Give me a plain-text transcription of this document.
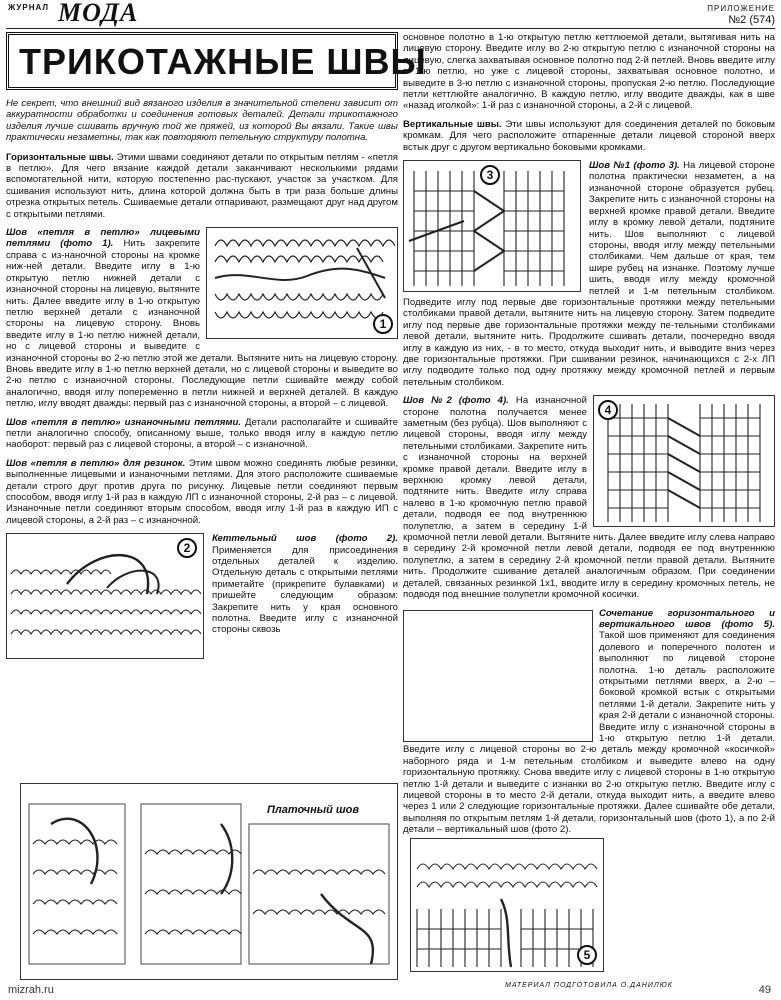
ЖУРНАЛ МОДА	ПРИЛОЖЕНИЕ
№2 (574)
ТРИКОТАЖНЫЕ ШВЫ

Не секрет, что внешний вид вязаного изделия в значительной степени зависит от аккуратности обработки и соединения готовых деталей. Детали трикотажного изделия лучше сшивать вручную той же пряжей, из которой Вы вязали. Такие швы практически незаметны, так как повторяют петельную структуру полотна.

Горизонтальные швы. Этими швами соединяют детали по открытым петлям - «петля в петлю». Для чего вязание каждой детали заканчивают несколькими рядами вспомогательной нити, которую постепенно рас-пускают, участок за участком. Для сшивания используют нить, длина которой должна быть в три раза больше длины отрезка открытых петель. Сшиваемые детали отпаривают, размещают друг над другом с открытыми петлями.

1
Шов «петля в петлю» лицевыми петлями (фото 1). Нить закрепите справа с из-наночной стороны на кромке ниж-ней детали. Введите иглу в 1-ю открытую петлю нижней детали с изнаночной стороны на лицевую, вытяните нить. Далее введите иглу в 1-ю открытую петлю верхней детали с изнаночной стороны на лицевую сторону. Вновь введите иглу в 1-ю петлю нижней детали, но с лицевой стороны и выведите с изнаночной стороны во 2-ю петлю этой же детали. Вытяните нить на лицевую сторону. Вновь введите иглу в 1-ю петлю верхней детали, но с лицевой стороны и выведите во 2-ю петлю с изнаночной стороны. Последующие петли сшивайте между собой аналогично, вводя иглу попеременно в петли нижней и верхней деталей. В каждую петлю, иглу вводят дважды: первый раз с изнаночной стороны, а второй – с лицевой.

Шов «петля в петлю» изнаночными петлями. Детали располагайте и сшивайте петли аналогично способу, описанному выше, только вводя иглу в каждую петлю наоборот: первый раз с лицевой стороны, а второй – с изнаночной.

Шов «петля в петлю» для резинок. Этим швом можно соединять любые резинки, выполненные лицевыми и изнаночными петлями. Для этого расположите сшиваемые детали строго друг против друга по рисунку. Лицевые петли соединяют первым способом, вводя иглу 1-й раз в каждую ЛП с изнаночной стороны, 2-й раз – с лицевой. Изнаночные петли соединяют вторым способом, вводя иглу 1-й раз в каждую ИП с лицевой стороны, а 2-й раз – с изнаночной.

2
Кеттельный шов (фото 2). Применяется для присоединения отдельных деталей к изделию. Отдельную деталь с открытыми петлями приметайте (прикрепите булавками) и пришейте следующим образом: Закрепите нить у края основного полотна. Введите иглу с изнаночной стороны сквозь

Платочный шов

основное полотно в 1-ю открытую петлю кеттлюемой детали, вытягивая нить на лицевую сторону. Введите иглу во 2-ю открытую петлю с изнаночной стороны на лицевую, слегка захватывая основное полотно под 2-й петлей. Вновь введите иглу в 1-ю петлю, но уже с лицевой стороны, захватывая основное полотно, и выведите в 3-ю петлю с изнаночной стороны, пропуская 2-ю петлю. Последующие петли кеттлюйте аналогично. В каждую петлю, иглу вводите дважды, как в шве «назад иголкой»: 1-й раз с изнаночной стороны, а 2-й с лицевой.

Вертикальные швы. Эти швы используют для соединения деталей по боковым кромкам. Для чего расположите отпаренные детали лицевой стороной вверх встык друг с другом вертикально боковыми кромками.

3
Шов №1 (фото 3). На лицевой стороне полотна практически незаметен, а на изнаночной стороне образуется рубец. Закрепите нить с изнаночной стороны на верхней кромке правой детали. Введите иглу в кромку левой детали, подтяните нить. Шов выполняют с лицевой стороны, вводя иглу между петельными столбиками. Чем дальше от края, тем шире рубец на изнанке. Поэтому лучше шить, вводя иглу между кромочной петлей и 1-м петельным столбиком. Подведите иглу под первые две горизонтальные протяжки между петельными столбиками правой детали, вытяните нить на лицевую сторону. Затем подведите иглу под первые две горизонтальные протяжки между пе-тельными столбиками левой детали, вытяните нить. Продолжите сшивать детали, поочередно вводя иглу в каждую из них, - в то место, откуда выходит нить, и выводите вниз через две горизонтальные протяжки. При сшивании резинок, начинающихся с 2-х ЛП иглу подводите только под одну протяжку между кромочной петлей и первым петельным столбиком.

4
Шов №2 (фото 4). На изнаночной стороне полотна получается менее заметным (без рубца). Шов выполняют с лицевой стороны, вводя иглу между петельными столбиками. Закрепите нить с изнаночной стороны на верхней кромке правой детали. Введите иглу в верхнюю кромку левой детали, подтяните нить. Введите иглу справа налево в 1-ю кромочную петлю правой детали, подводя ее под внутреннюю полупетлю, а затем в середину 1-й кромочной петли левой детали. Вытяните нить. Далее введите иглу слева направо в середину 2-й кромочной петли левой детали, подводя ее под внутреннюю полупетлю, а затем в середину 2-й кромочной петли правой детали. Вытяните нить. Продолжите сшивание деталей аналогичным образом. При соединении деталей, связанных резинкой 1х1, вводите иглу в середину кромочных петель, не подводя под внешние полупетли кромочной косички.

Сочетание горизонтального и вертикального швов (фото 5). Такой шов применяют для соединения долевого и поперечного полотен и выполняют по лицевой стороне полотна. 1-ю деталь расположите открытыми петлями вверх, а 2-ю – боковой кромкой встык с открытыми петлями 1-й детали. Закрепите нить у края 2-й детали с изнаночной стороны. Введите иглу с изнаночной стороны в 1-ю открытую петлю 1-й детали. Введите иглу с лицевой стороны во 2-ю деталь между кромочной «косичкой» наборного ряда и 1-м петельным столбиком и выведите влево на одну горизонтальную протяжку. Снова введите иглу с лицевой стороны в 1-ю открытую петлю 1-й детали и выведите с изнанки во 2-ю открытую петлю. Введите иглу с лицевой стороны в то место 2-й детали, откуда выходит нить, а введите влево через 1 или 2 следующие горизонтальные протяжки. Далее сшивайте обе детали, выполняя по открытым петлям 1-й детали, горизонтальный шов (фото 1), а по 2-й детали – вертикальный шов (фото 2).

5
МАТЕРИАЛ ПОДГОТОВИЛА О.ДАНИЛЮК
mizrah.ru	49
